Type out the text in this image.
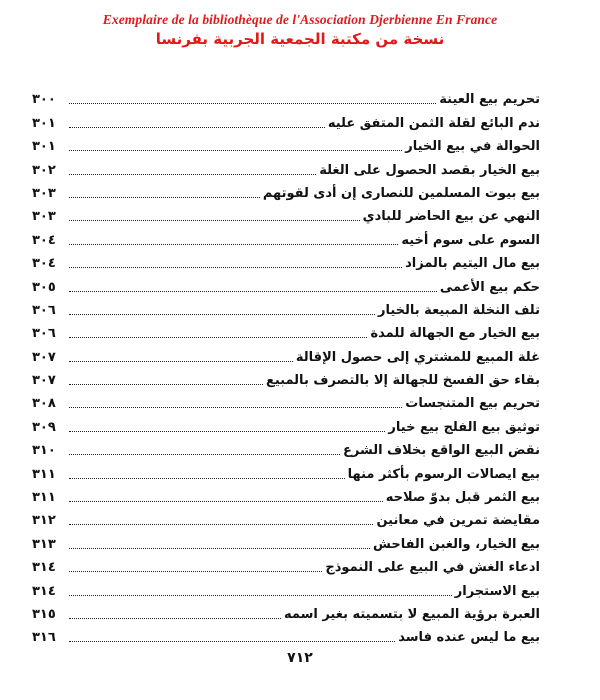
Exemplaire de la bibliothèque de l'Association Djerbienne En France
نسخة من مكتبة الجمعية الجربية بفرنسا
تحريم بيع العينة
٣٠٠
ندم البائع لقلة الثمن المتفق عليه
٣٠١
الحوالة في بيع الخيار
٣٠١
بيع الخيار بقصد الحصول على الغلة
٣٠٢
بيع بيوت المسلمين للنصارى إن أدى لقوتهم
٣٠٣
النهي عن بيع الحاضر للبادي
٣٠٣
السوم على سوم أخيه
٣٠٤
بيع مال اليتيم بالمزاد
٣٠٤
حكم بيع الأعمى
٣٠٥
تلف النخلة المبيعة بالخيار
٣٠٦
بيع الخيار مع الجهالة للمدة
٣٠٦
غلة المبيع للمشتري إلى حصول الإقالة
٣٠٧
بقاء حق الفسخ للجهالة إلا بالتصرف بالمبيع
٣٠٧
تحريم بيع المتنجسات
٣٠٨
توثيق بيع الفلج بيع خيار
٣٠٩
نقض البيع الواقع بخلاف الشرع
٣١٠
بيع ايصالات الرسوم بأكثر منها
٣١١
بيع الثمر قبل بدوّ صلاحه
٣١١
مقايضة تمرين في معانين
٣١٢
بيع الخيار، والغبن الفاحش
٣١٣
ادعاء الغش في البيع على النموذج
٣١٤
بيع الاستجرار
٣١٤
العبرة برؤية المبيع لا بتسميته بغير اسمه
٣١٥
بيع ما ليس عنده فاسد
٣١٦
٧١٢
